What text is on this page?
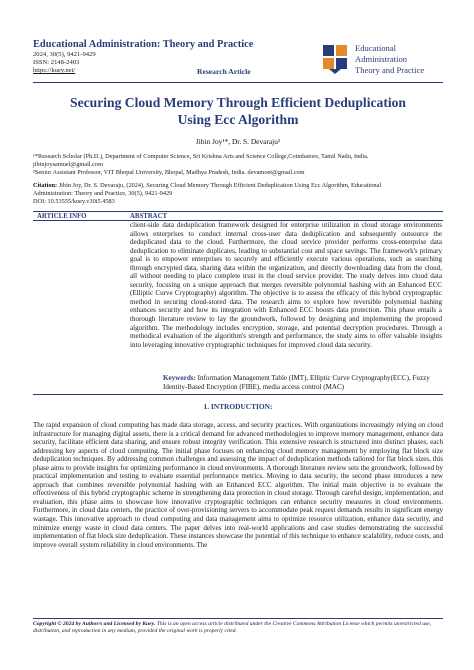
Educational Administration: Theory and Practice
2024, 30(5), 9421-9429
ISSN: 2148-2403
https://kuey.net/	Research Article
Educational
Administration
Theory and Practice
Securing Cloud Memory Through Efficient Deduplication
Using Ecc Algorithm
Jibin Joy¹*, Dr. S. Devaraju²
¹*Research Scholar (Ph.D.), Department of Computer Science, Sri Krishna Arts and Science College,Coimbatore, Tamil Nadu, India.
jibinjoysamuel@gmail.com
²Senior Assistant Professor, VIT Bhopal University, Bhopal, Madhya Pradesh, India. devamoet@gmail.com
Citation: Jibin Joy, Dr. S. Devaraju, (2024), Securing Cloud Memory Through Efficient Deduplication Using Ecc Algorithm, Educational
Administration: Theory and Practice, 30(5), 9421-9429
DOI: 10.53555/kuey.v30i5.4583
ARTICLE INFO	ABSTRACT

client-side data deduplication framework designed for enterprise utilization in cloud storage environments allows enterprises to conduct internal cross-user data deduplication and subsequently outsource the deduplicated data to the cloud. Furthermore, the cloud service provider performs cross-enterprise data deduplication to eliminate duplicates, leading to substantial cost and space savings. The framework's primary goal is to empower enterprises to securely and efficiently execute various operations, such as searching through encrypted data, sharing data within the organization, and directly downloading data from the cloud, all without needing to place complete trust in the cloud service provider. The study delves into cloud data security, focusing on a unique approach that merges reversible polynomial hashing with an Enhanced ECC (Elliptic Curve Cryptography) algorithm. The objective is to assess the efficacy of this hybrid cryptographic method in securing cloud-stored data. The research aims to explore how reversible polynomial hashing enhances security and how its integration with Enhanced ECC boosts data protection. This phase entails a thorough literature review to lay the groundwork, followed by designing and implementing the proposed algorithm. The methodology includes encryption, storage, and potential decryption procedures. Through a methodical evaluation of the algorithm's strength and performance, the study aims to offer valuable insights into leveraging innovative cryptographic techniques for improved cloud data security.

Keywords: Information Management Table (IMT), Elliptic Curve Cryptography(ECC), Fuzzy Identity-Based Encryption (FIBE), media access control (MAC)
1. INTRODUCTION:

The rapid expansion of cloud computing has made data storage, access, and security practices. With organizations increasingly relying on cloud infrastructure for managing digital assets, there is a critical demand for advanced methodologies to improve memory management, enhance data security, facilitate efficient data sharing, and ensure robust integrity verification. This extensive research is structured into distinct phases, each addressing key aspects of cloud computing. The initial phase focuses on enhancing cloud memory management by employing flat block size deduplication techniques. By addressing common challenges and assessing the impact of deduplication methods tailored for flat block sizes, this phase aims to provide insights for optimizing performance in cloud environments. A thorough literature review sets the groundwork, followed by practical implementation and testing to evaluate essential performance metrics. Moving to data security, the second phase introduces a new approach that combines reversible polynomial hashing with an Enhanced ECC algorithm. The initial main objective is to evaluate the effectiveness of this hybrid cryptographic scheme in strengthening data protection in cloud storage. Through careful design, implementation, and evaluation, this phase aims to showcase how innovative cryptographic techniques can enhance security measures in cloud environments. Furthermore, in cloud data centers, the practice of over-provisioning servers to accommodate peak request demands results in significant energy wastage. This innovative approach to cloud computing and data management aims to optimize resource utilization, enhance data security, and minimize energy waste in cloud data centers. The paper delves into real-world applications and case studies demonstrating the successful implementation of flat block size deduplication. These instances showcase the potential of this technique to enhance scalability, reduce costs, and improve overall system reliability in cloud environments. The

Copyright © 2024 by Author/s and Licensed by Kuey. This is an open access article distributed under the Creative Commons Attribution License which permits unrestricted use, distribution, and reproduction in any medium, provided the original work is properly cited.
